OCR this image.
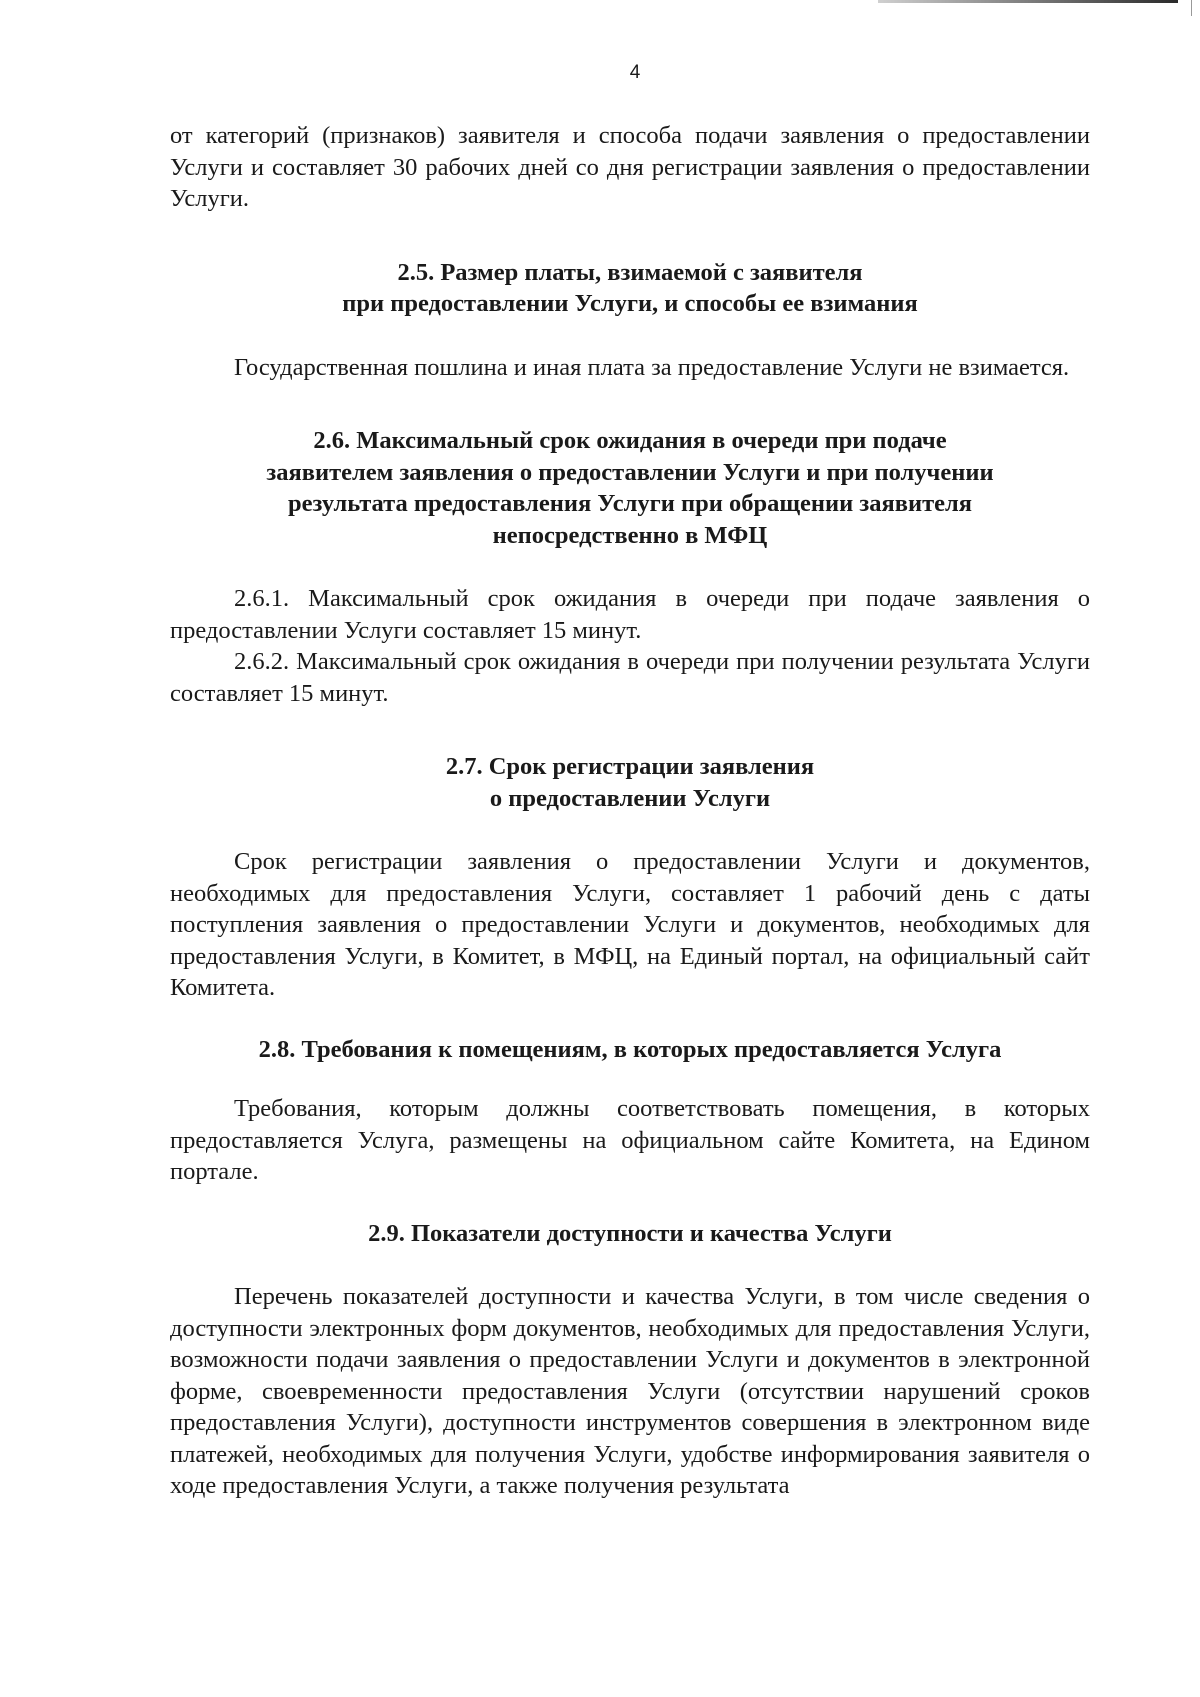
4

от категорий (признаков) заявителя и способа подачи заявления о предоставлении Услуги и составляет 30 рабочих дней со дня регистрации заявления о предоставлении Услуги.

2.5. Размер платы, взимаемой с заявителя
при предоставлении Услуги, и способы ее взимания

Государственная пошлина и иная плата за предоставление Услуги не взимается.

2.6. Максимальный срок ожидания в очереди при подаче
заявителем заявления о предоставлении Услуги и при получении
результата предоставления Услуги при обращении заявителя
непосредственно в МФЦ

2.6.1. Максимальный срок ожидания в очереди при подаче заявления о предоставлении Услуги составляет 15 минут.

2.6.2. Максимальный срок ожидания в очереди при получении результата Услуги составляет 15 минут.

2.7. Срок регистрации заявления
о предоставлении Услуги

Срок регистрации заявления о предоставлении Услуги и документов, необходимых для предоставления Услуги, составляет 1 рабочий день с даты поступления заявления о предоставлении Услуги и документов, необходимых для предоставления Услуги, в Комитет, в МФЦ, на Единый портал, на официальный сайт Комитета.

2.8. Требования к помещениям, в которых предоставляется Услуга

Требования, которым должны соответствовать помещения, в которых предоставляется Услуга, размещены на официальном сайте Комитета, на Едином портале.

2.9. Показатели доступности и качества Услуги

Перечень показателей доступности и качества Услуги, в том числе сведения о доступности электронных форм документов, необходимых для предоставления Услуги, возможности подачи заявления о предоставлении Услуги и документов в электронной форме, своевременности предоставления Услуги (отсутствии нарушений сроков предоставления Услуги), доступности инструментов совершения в электронном виде платежей, необходимых для получения Услуги, удобстве информирования заявителя о ходе предоставления Услуги, а также получения результата
